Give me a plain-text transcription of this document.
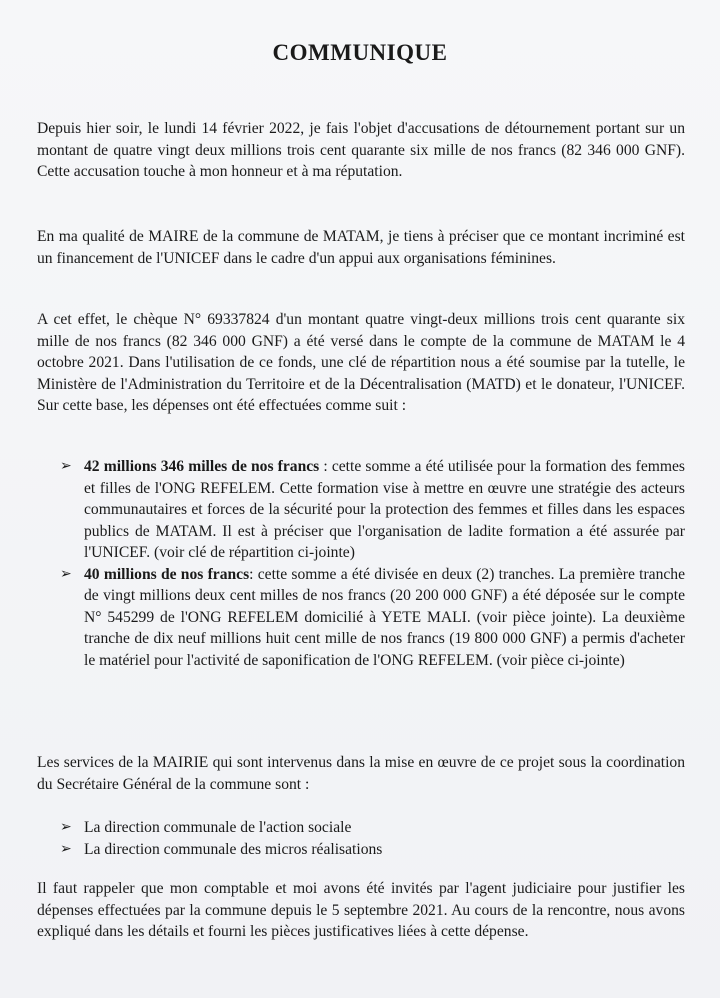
COMMUNIQUE
Depuis hier soir, le lundi 14 février 2022, je fais l'objet d'accusations de détournement portant sur un montant de quatre vingt deux millions trois cent quarante six mille de nos francs (82 346 000 GNF). Cette accusation touche à mon honneur et à ma réputation.
En ma qualité de MAIRE de la commune de MATAM, je tiens à préciser que ce montant incriminé est un financement de l'UNICEF dans le cadre d'un appui aux organisations féminines.
A cet effet, le chèque N° 69337824 d'un montant quatre vingt-deux millions trois cent quarante six mille de nos francs (82 346 000 GNF) a été versé dans le compte de la commune de MATAM le 4 octobre 2021. Dans l'utilisation de ce fonds, une clé de répartition nous a été soumise par la tutelle, le Ministère de l'Administration du Territoire et de la Décentralisation (MATD) et le donateur, l'UNICEF. Sur cette base, les dépenses ont été effectuées comme suit :
➢ 42 millions 346 milles de nos francs : cette somme a été utilisée pour la formation des femmes et filles de l'ONG REFELEM. Cette formation vise à mettre en œuvre une stratégie des acteurs communautaires et forces de la sécurité pour la protection des femmes et filles dans les espaces publics de MATAM. Il est à préciser que l'organisation de ladite formation a été assurée par l'UNICEF. (voir clé de répartition ci-jointe)
➢ 40 millions de nos francs: cette somme a été divisée en deux (2) tranches. La première tranche de vingt millions deux cent milles de nos francs (20 200 000 GNF) a été déposée sur le compte N° 545299 de l'ONG REFELEM domicilié à YETE MALI. (voir pièce jointe). La deuxième tranche de dix neuf millions huit cent mille de nos francs (19 800 000 GNF) a permis d'acheter le matériel pour l'activité de saponification de l'ONG REFELEM. (voir pièce ci-jointe)
Les services de la MAIRIE qui sont intervenus dans la mise en œuvre de ce projet sous la coordination du Secrétaire Général de la commune sont :
➢ La direction communale de l'action sociale
➢ La direction communale des micros réalisations
Il faut rappeler que mon comptable et moi avons été invités par l'agent judiciaire pour justifier les dépenses effectuées par la commune depuis le 5 septembre 2021. Au cours de la rencontre, nous avons expliqué dans les détails et fourni les pièces justificatives liées à cette dépense.
